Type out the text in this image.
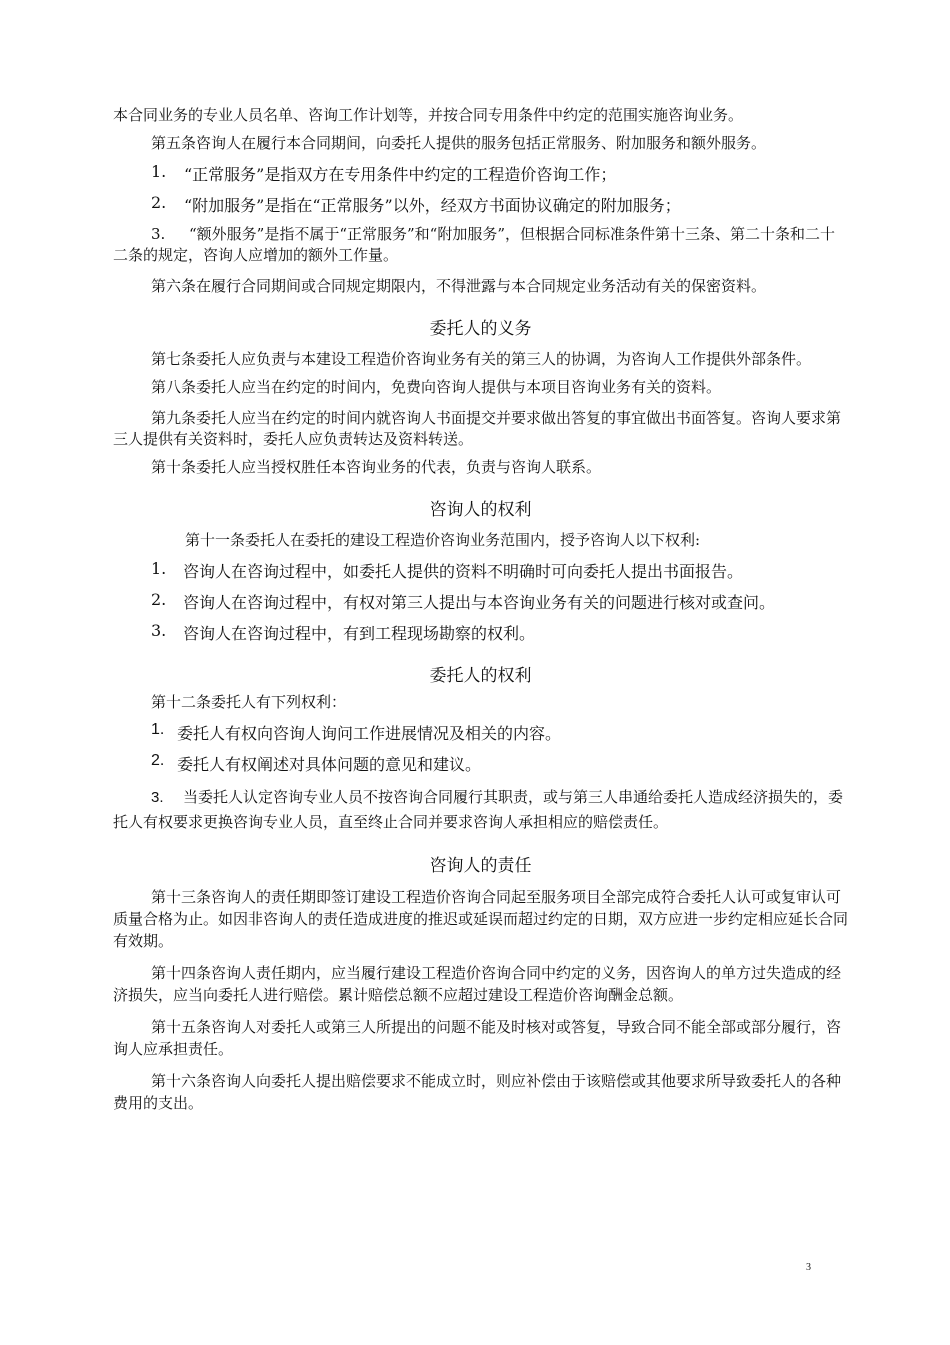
本合同业务的专业人员名单、咨询工作计划等，并按合同专用条件中约定的范围实施咨询业务。

第五条咨询人在履行本合同期间，向委托人提供的服务包括正常服务、附加服务和额外服务。

1.	“正常服务”是指双方在专用条件中约定的工程造价咨询工作；
2.	“附加服务”是指在“正常服务”以外，经双方书面协议确定的附加服务；

3. “额外服务”是指不属于“正常服务”和“附加服务”，但根据合同标准条件第十三条、第二十条和二十二条的规定，咨询人应增加的额外工作量。

第六条在履行合同期间或合同规定期限内，不得泄露与本合同规定业务活动有关的保密资料。

委托人的义务

第七条委托人应负责与本建设工程造价咨询业务有关的第三人的协调，为咨询人工作提供外部条件。

第八条委托人应当在约定的时间内，免费向咨询人提供与本项目咨询业务有关的资料。

第九条委托人应当在约定的时间内就咨询人书面提交并要求做出答复的事宜做出书面答复。咨询人要求第三人提供有关资料时，委托人应负责转达及资料转送。

第十条委托人应当授权胜任本咨询业务的代表，负责与咨询人联系。

咨询人的权利

第十一条委托人在委托的建设工程造价咨询业务范围内，授予咨询人以下权利:

1.	咨询人在咨询过程中，如委托人提供的资料不明确时可向委托人提出书面报告。
2.	咨询人在咨询过程中，有权对第三人提出与本咨询业务有关的问题进行核对或查问。
3.	咨询人在咨询过程中，有到工程现场勘察的权利。
委托人的权利

第十二条委托人有下列权利：

1. 委托人有权向咨询人询问工作进展情况及相关的内容。
2. 委托人有权阐述对具体问题的意见和建议。

3. 当委托人认定咨询专业人员不按咨询合同履行其职责，或与第三人串通给委托人造成经济损失的，委托人有权要求更换咨询专业人员，直至终止合同并要求咨询人承担相应的赔偿责任。

咨询人的责任

第十三条咨询人的责任期即签订建设工程造价咨询合同起至服务项目全部完成符合委托人认可或复审认可质量合格为止。如因非咨询人的责任造成进度的推迟或延误而超过约定的日期，双方应进一步约定相应延长合同有效期。

第十四条咨询人责任期内，应当履行建设工程造价咨询合同中约定的义务，因咨询人的单方过失造成的经济损失，应当向委托人进行赔偿。累计赔偿总额不应超过建设工程造价咨询酬金总额。

第十五条咨询人对委托人或第三人所提出的问题不能及时核对或答复，导致合同不能全部或部分履行，咨询人应承担责任。

第十六条咨询人向委托人提出赔偿要求不能成立时，则应补偿由于该赔偿或其他要求所导致委托人的各种费用的支出。

3
